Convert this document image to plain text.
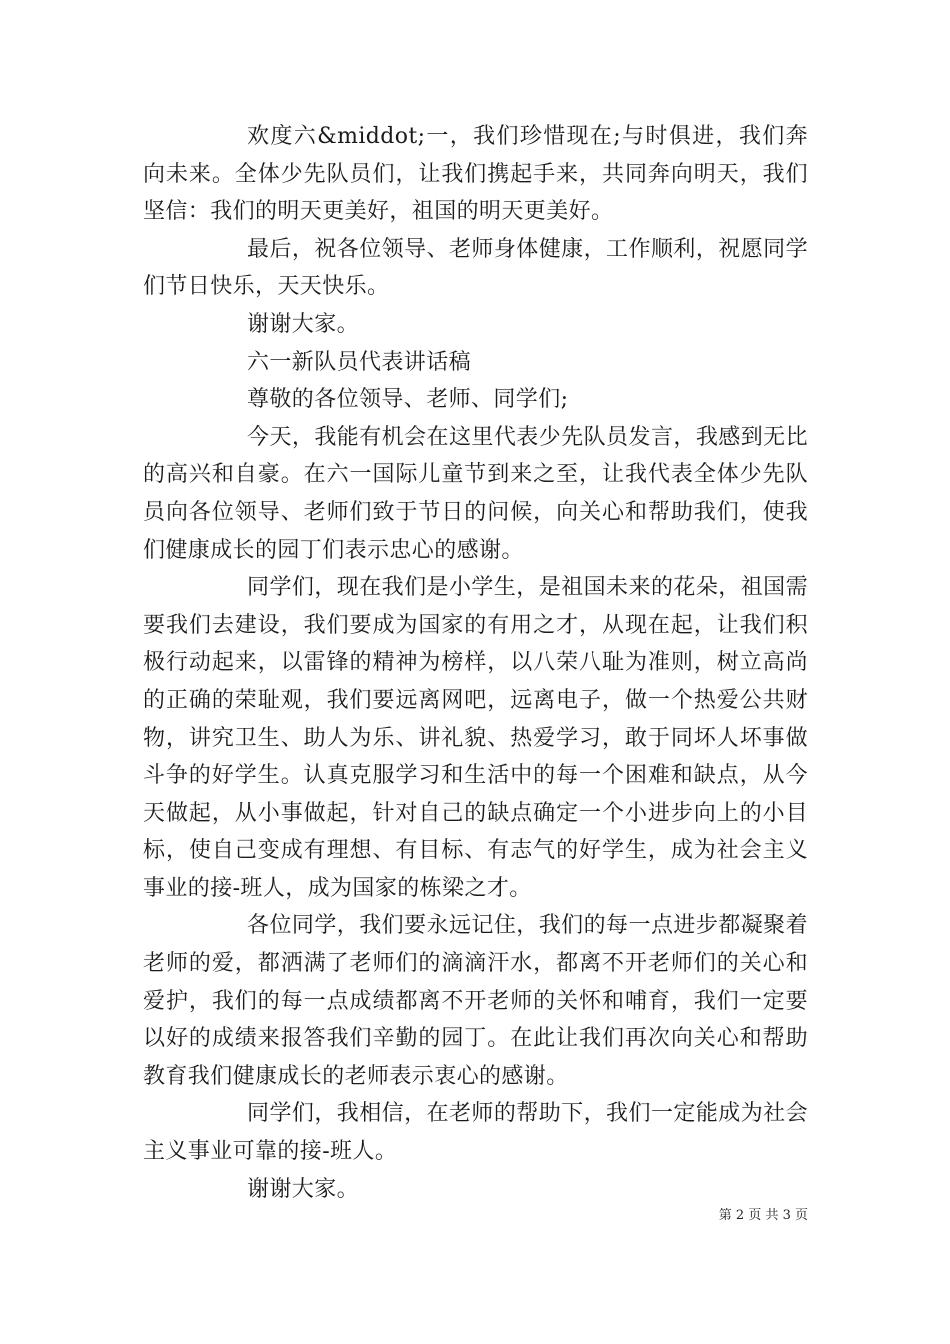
欢度六&middot;一，我们珍惜现在;与时俱进，我们奔向未来。全体少先队员们，让我们携起手来，共同奔向明天，我们坚信：我们的明天更美好，祖国的明天更美好。

最后，祝各位领导、老师身体健康，工作顺利，祝愿同学们节日快乐，天天快乐。

谢谢大家。

六一新队员代表讲话稿

尊敬的各位领导、老师、同学们;

今天，我能有机会在这里代表少先队员发言，我感到无比的高兴和自豪。在六一国际儿童节到来之至，让我代表全体少先队员向各位领导、老师们致于节日的问候，向关心和帮助我们，使我们健康成长的园丁们表示忠心的感谢。

同学们，现在我们是小学生，是祖国未来的花朵，祖国需要我们去建设，我们要成为国家的有用之才，从现在起，让我们积极行动起来，以雷锋的精神为榜样，以八荣八耻为准则，树立高尚的正确的荣耻观，我们要远离网吧，远离电子，做一个热爱公共财物，讲究卫生、助人为乐、讲礼貌、热爱学习，敢于同坏人坏事做斗争的好学生。认真克服学习和生活中的每一个困难和缺点，从今天做起，从小事做起，针对自己的缺点确定一个小进步向上的小目标，使自己变成有理想、有目标、有志气的好学生，成为社会主义事业的接-班人，成为国家的栋梁之才。

各位同学，我们要永远记住，我们的每一点进步都凝聚着老师的爱，都洒满了老师们的滴滴汗水，都离不开老师们的关心和爱护，我们的每一点成绩都离不开老师的关怀和哺育，我们一定要以好的成绩来报答我们辛勤的园丁。在此让我们再次向关心和帮助教育我们健康成长的老师表示衷心的感谢。

同学们，我相信，在老师的帮助下，我们一定能成为社会主义事业可靠的接-班人。

谢谢大家。

第 2 页 共 3 页
